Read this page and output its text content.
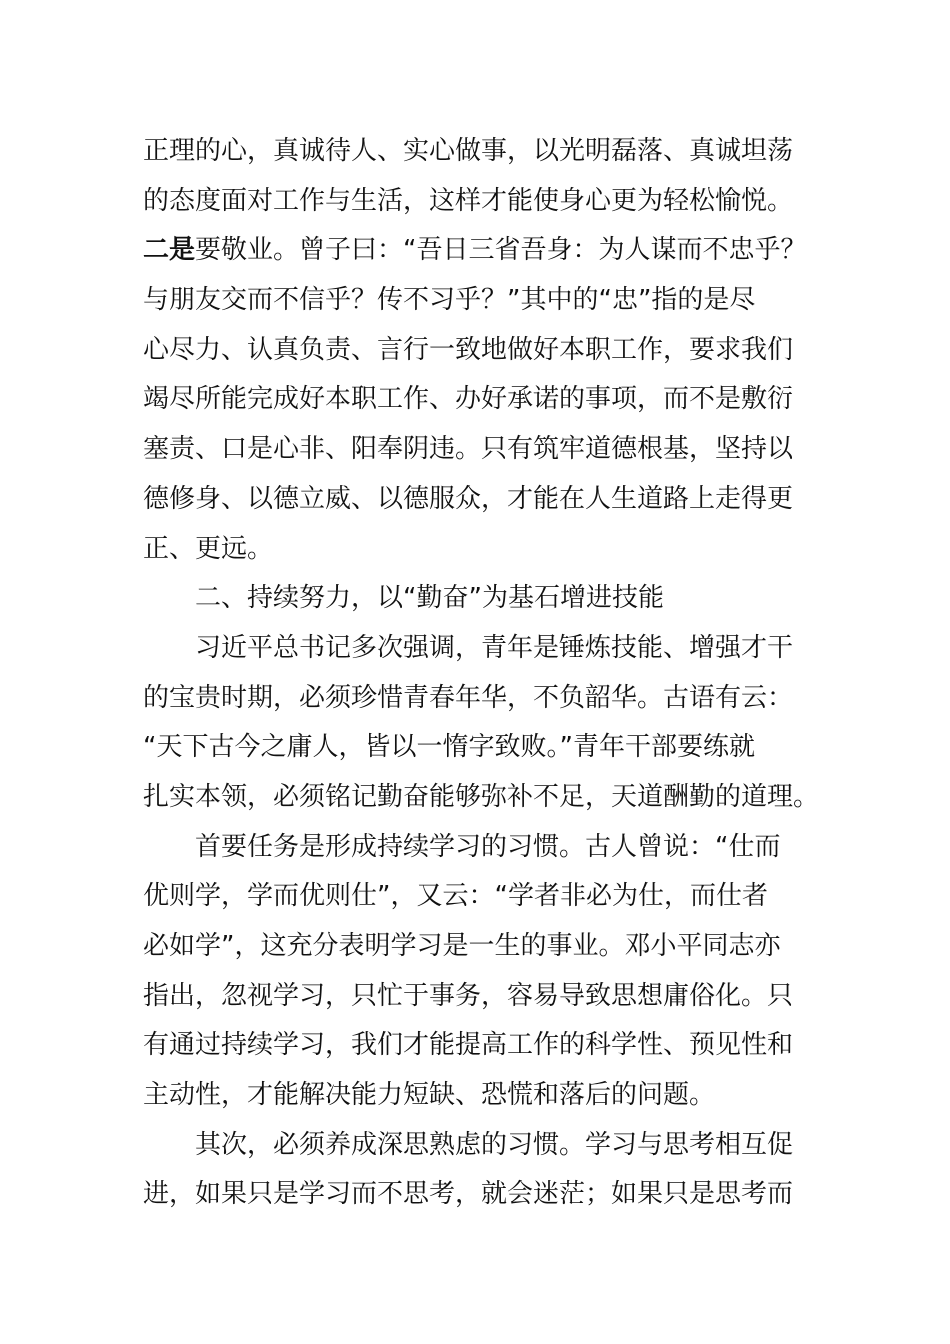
正理的心，真诚待人、实心做事，以光明磊落、真诚坦荡
的态度面对工作与生活，这样才能使身心更为轻松愉悦。
二是要敬业。曾子曰：“吾日三省吾身：为人谋而不忠乎？
与朋友交而不信乎？传不习乎？”其中的“忠”指的是尽
心尽力、认真负责、言行一致地做好本职工作，要求我们
竭尽所能完成好本职工作、办好承诺的事项，而不是敷衍
塞责、口是心非、阳奉阴违。只有筑牢道德根基，坚持以
德修身、以德立威、以德服众，才能在人生道路上走得更
正、更远。
二、持续努力，以“勤奋”为基石增进技能
习近平总书记多次强调，青年是锤炼技能、增强才干
的宝贵时期，必须珍惜青春年华，不负韶华。古语有云：
“天下古今之庸人，皆以一惰字致败。”青年干部要练就
扎实本领，必须铭记勤奋能够弥补不足，天道酬勤的道理。
首要任务是形成持续学习的习惯。古人曾说：“仕而
优则学，学而优则仕”，又云：“学者非必为仕，而仕者
必如学”，这充分表明学习是一生的事业。邓小平同志亦
指出，忽视学习，只忙于事务，容易导致思想庸俗化。只
有通过持续学习，我们才能提高工作的科学性、预见性和
主动性，才能解决能力短缺、恐慌和落后的问题。
其次，必须养成深思熟虑的习惯。学习与思考相互促
进，如果只是学习而不思考，就会迷茫；如果只是思考而
